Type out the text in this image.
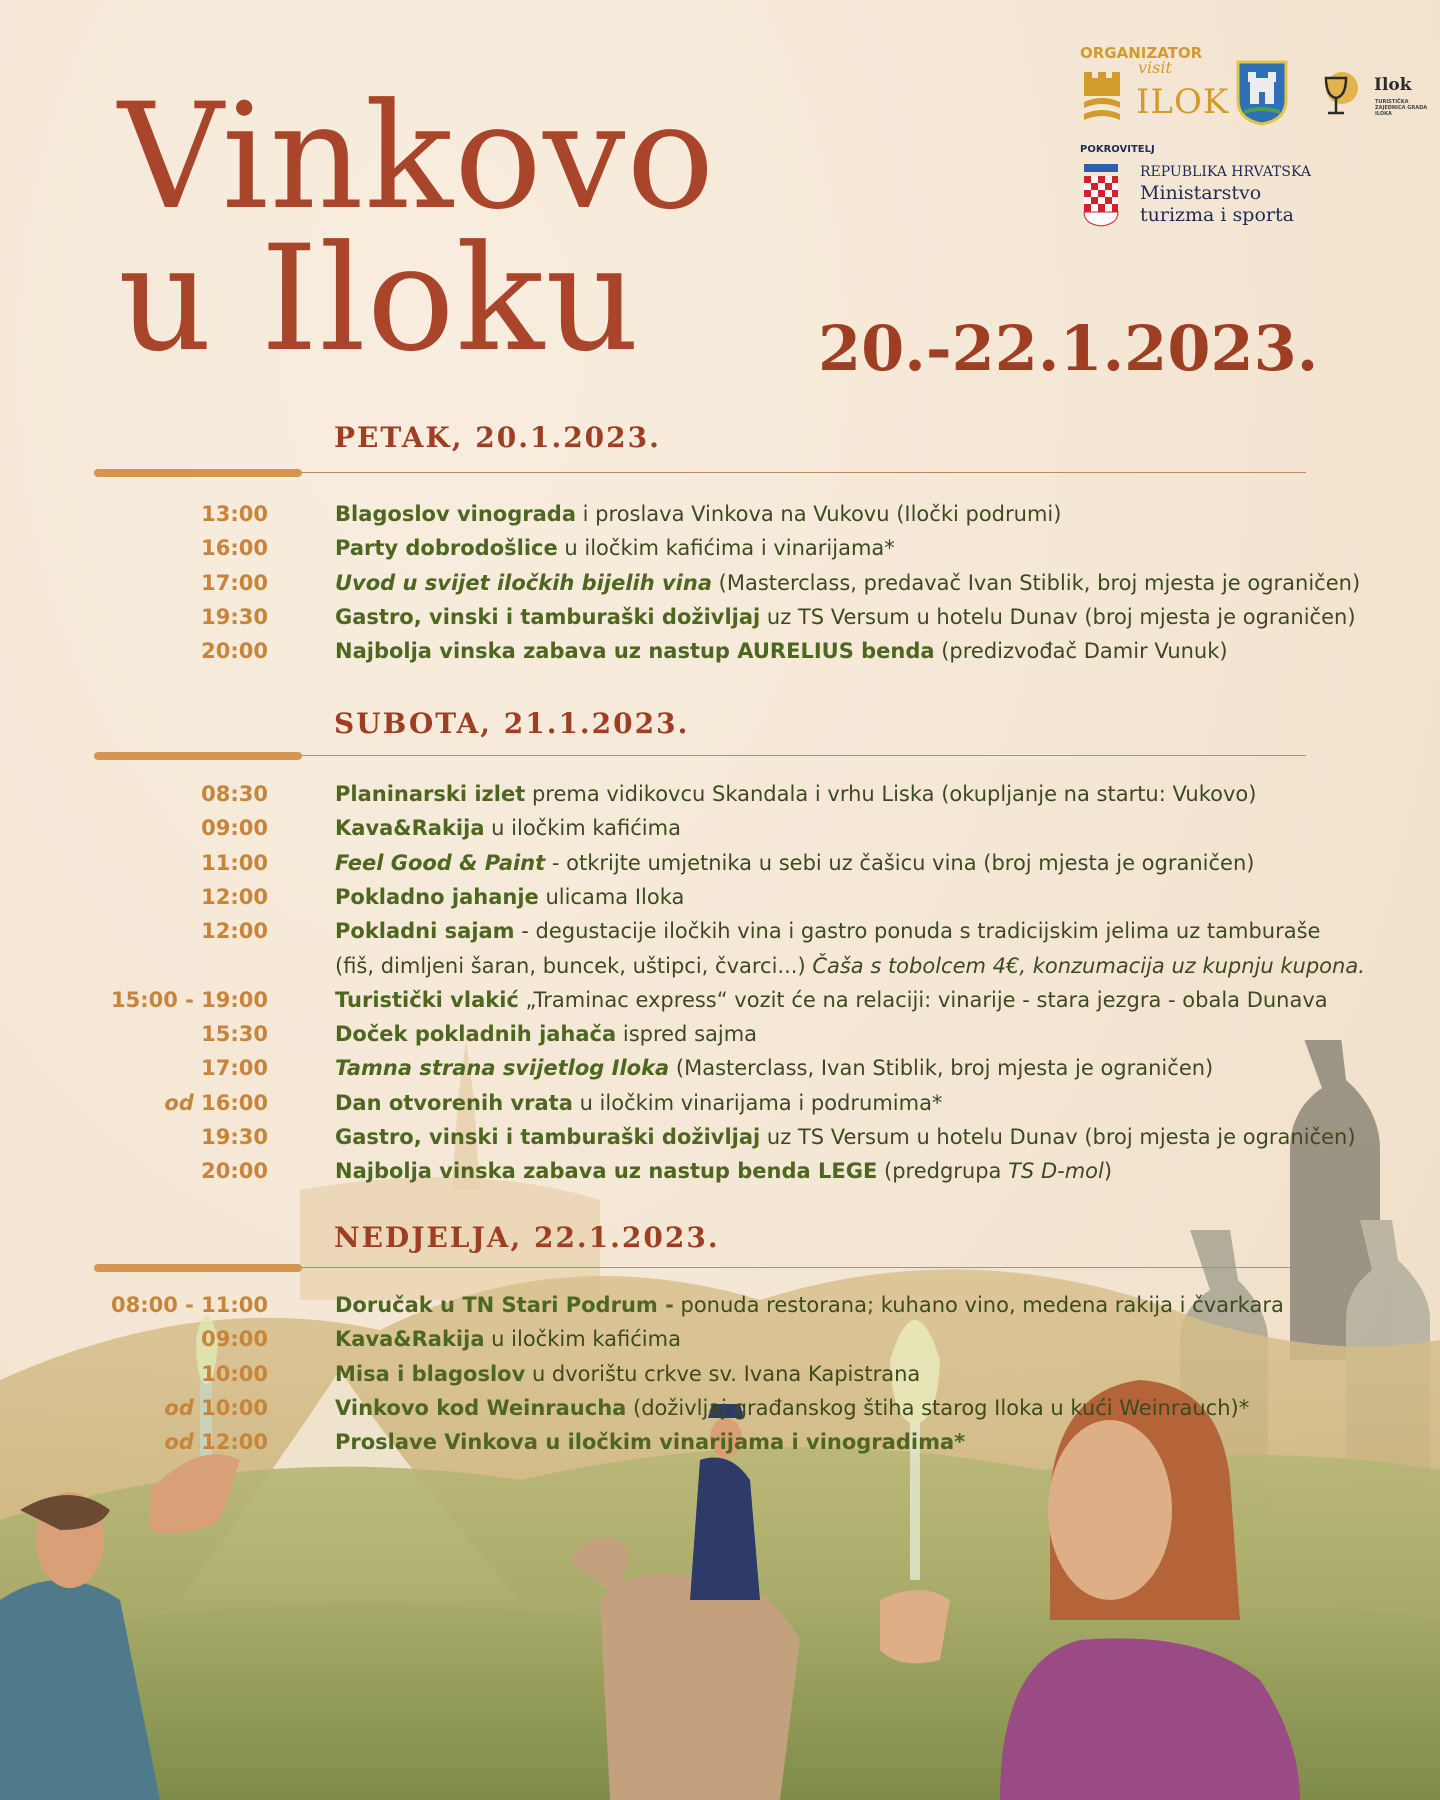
Vinkovo
u Iloku	20.-22.1.2023.
ORGANIZATOR
visit
ILOK	Ilok
TURISTIČKA ZAJEDNICA GRADA ILOKA
POKROVITELJ
REPUBLIKA HRVATSKA
Ministarstvo
turizma i sporta
PETAK, 20.1.2023.
13:00	Blagoslov vinograda i proslava Vinkova na Vukovu (Iločki podrumi)
16:00	Party dobrodošlice u iločkim kafićima i vinarijama*
17:00	Uvod u svijet iločkih bijelih vina (Masterclass, predavač Ivan Stiblik, broj mjesta je ograničen)
19:30	Gastro, vinski i tamburaški doživljaj uz TS Versum u hotelu Dunav (broj mjesta je ograničen)
20:00	Najbolja vinska zabava uz nastup AURELIUS benda (predizvođač Damir Vunuk)
SUBOTA, 21.1.2023.
08:30	Planinarski izlet prema vidikovcu Skandala i vrhu Liska (okupljanje na startu: Vukovo)
09:00	Kava&Rakija u iločkim kafićima
11:00	Feel Good & Paint - otkrijte umjetnika u sebi uz čašicu vina (broj mjesta je ograničen)
12:00	Pokladno jahanje ulicama Iloka
12:00	Pokladni sajam - degustacije iločkih vina i gastro ponuda s tradicijskim jelima uz tamburaše
(fiš, dimljeni šaran, buncek, uštipci, čvarci...) Čaša s tobolcem 4€, konzumacija uz kupnju kupona.
15:00 - 19:00	Turistički vlakić „Traminac express“ vozit će na relaciji: vinarije - stara jezgra - obala Dunava
15:30	Doček pokladnih jahača ispred sajma
17:00	Tamna strana svijetlog Iloka (Masterclass, Ivan Stiblik, broj mjesta je ograničen)
od 16:00	Dan otvorenih vrata u iločkim vinarijama i podrumima*
19:30	Gastro, vinski i tamburaški doživljaj uz TS Versum u hotelu Dunav (broj mjesta je ograničen)
20:00	Najbolja vinska zabava uz nastup benda LEGE (predgrupa TS D-mol)
NEDJELJA, 22.1.2023.
08:00 - 11:00	Doručak u TN Stari Podrum - ponuda restorana; kuhano vino, medena rakija i čvarkara
09:00	Kava&Rakija u iločkim kafićima
10:00	Misa i blagoslov u dvorištu crkve sv. Ivana Kapistrana
od 10:00	Vinkovo kod Weinraucha (doživljaj građanskog štiha starog Iloka u kući Weinrauch)*
od 12:00	Proslave Vinkova u iločkim vinarijama i vinogradima*
